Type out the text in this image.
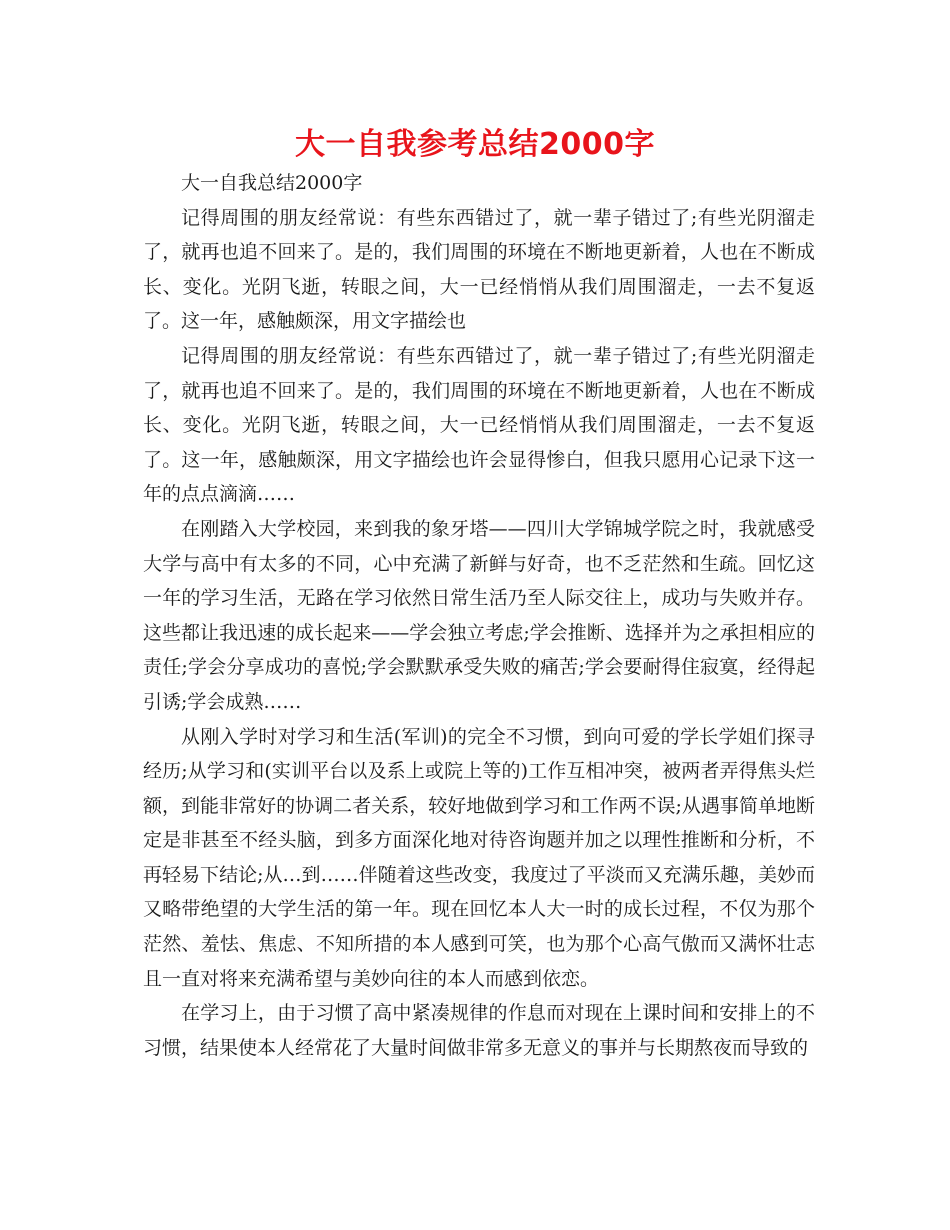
大一自我参考总结2000字

大一自我总结2000字

记得周围的朋友经常说：有些东西错过了，就一辈子错过了;有些光阴溜走了，就再也追不回来了。是的，我们周围的环境在不断地更新着，人也在不断成长、变化。光阴飞逝，转眼之间，大一已经悄悄从我们周围溜走，一去不复返了。这一年，感触颇深，用文字描绘也

记得周围的朋友经常说：有些东西错过了，就一辈子错过了;有些光阴溜走了，就再也追不回来了。是的，我们周围的环境在不断地更新着，人也在不断成长、变化。光阴飞逝，转眼之间，大一已经悄悄从我们周围溜走，一去不复返了。这一年，感触颇深，用文字描绘也许会显得惨白，但我只愿用心记录下这一年的点点滴滴……

在刚踏入大学校园，来到我的象牙塔——四川大学锦城学院之时，我就感受大学与高中有太多的不同，心中充满了新鲜与好奇，也不乏茫然和生疏。回忆这一年的学习生活，无路在学习依然日常生活乃至人际交往上，成功与失败并存。这些都让我迅速的成长起来——学会独立考虑;学会推断、选择并为之承担相应的责任;学会分享成功的喜悦;学会默默承受失败的痛苦;学会要耐得住寂寞，经得起引诱;学会成熟……

从刚入学时对学习和生活(军训)的完全不习惯，到向可爱的学长学姐们探寻经历;从学习和(实训平台以及系上或院上等的)工作互相冲突，被两者弄得焦头烂额，到能非常好的协调二者关系，较好地做到学习和工作两不误;从遇事简单地断定是非甚至不经头脑，到多方面深化地对待咨询题并加之以理性推断和分析，不再轻易下结论;从…到……伴随着这些改变，我度过了平淡而又充满乐趣，美妙而又略带绝望的大学生活的第一年。现在回忆本人大一时的成长过程，不仅为那个茫然、羞怯、焦虑、不知所措的本人感到可笑，也为那个心高气傲而又满怀壮志且一直对将来充满希望与美妙向往的本人而感到依恋。

在学习上，由于习惯了高中紧凑规律的作息而对现在上课时间和安排上的不习惯，结果使本人经常花了大量时间做非常多无意义的事并与长期熬夜而导致的
